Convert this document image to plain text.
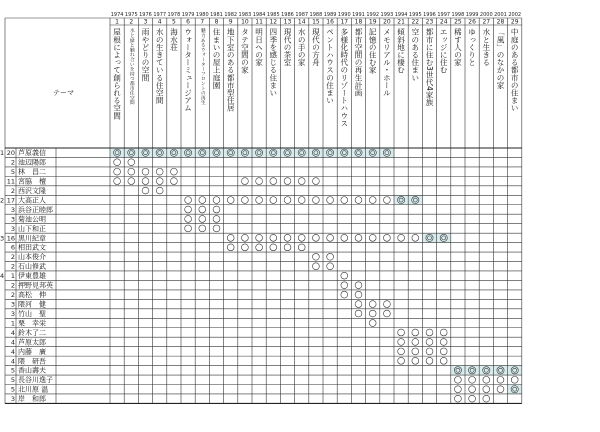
テーマ
1974
1
屋根によって創られる空間
1975
2
水と緑と触れ合いを持つ都市住空間
1976
3
雨やどりの空間
1977
4
水の生きている住空間
1978
5
海水荘
1979
6
ウォーターミュージアム
1980
7
魅力あるウォーターフロントの再生
1981
8
住まいの屋上庭園
1982
9
地下室のある都市型住居
1983
10
タテ空間の家
1984
11
明日への家
1985
12
四季を感じる住まい
1986
13
現代の茶室
1987
14
水の手の家
1988
15
現代の方舟
1989
16
ペントハウスの住まい
1990
17
多様化時代のリゾートハウス
1991
18
都市空間の再生計画
1992
19
記憶の住む家
1993
20
メモリアル・ホール
1994
21
傾斜地に棲む
1995
22
空のある住まい
1996
23
都市に住む3世代4家族
1997
24
エッジに住む
1998
25
稀す人の家
1999
26
ゆっくりと
2000
27
水と生きる
2001
28
「風」のなかの家
2002
29
中庭のある都市の住まい
1 20 芦原義信
2 池辺陽郎
5 林　昌二
11 宮脇　檀
2 西沢文隆
2 17 大高正人
3 浜谷正睦郎
3 菊池公明
3 山下和正
3 16 黒川紀章
6 相田武文
2 山本俊介
2 石山修武
4 1 伊東豊雄
2 押野見邦英
2 高松　伸
3 隈河　健
3 竹山　聖
1 栗　幸栄
4 鈴木了二
4 芦原太郎
4 内藤　廣
4 隈　研吾
5 香山壽夫
5 長谷川逸子
5 北川原 温
3 岸　和郎
